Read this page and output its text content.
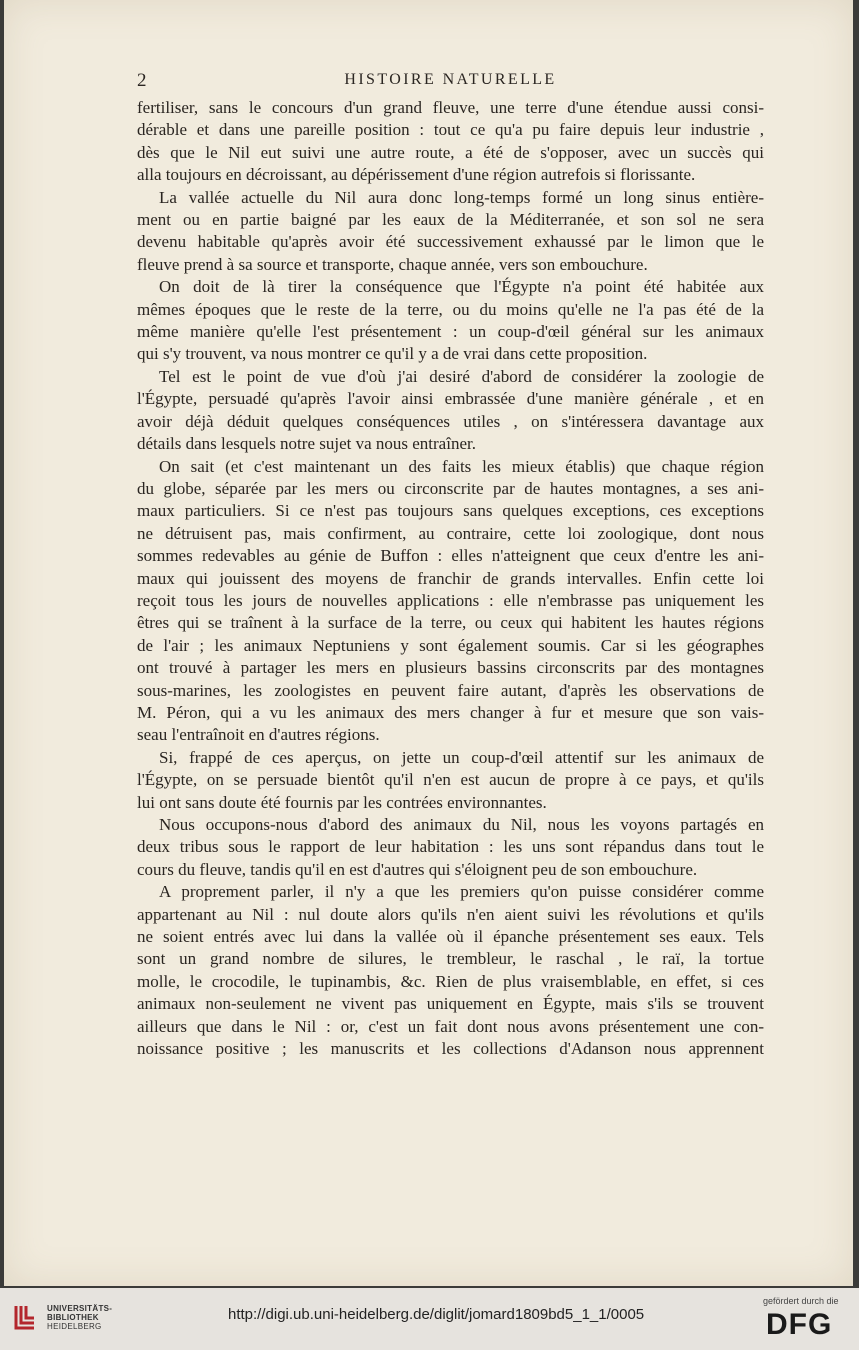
2	HISTOIRE NATURELLE
fertiliser, sans le concours d'un grand fleuve, une terre d'une étendue aussi consi-
dérable et dans une pareille position : tout ce qu'a pu faire depuis leur industrie ,
dès que le Nil eut suivi une autre route, a été de s'opposer, avec un succès qui
alla toujours en décroissant, au dépérissement d'une région autrefois si florissante.
La vallée actuelle du Nil aura donc long-temps formé un long sinus entière-
ment ou en partie baigné par les eaux de la Méditerranée, et son sol ne sera
devenu habitable qu'après avoir été successivement exhaussé par le limon que le
fleuve prend à sa source et transporte, chaque année, vers son embouchure.
On doit de là tirer la conséquence que l'Égypte n'a point été habitée aux
mêmes époques que le reste de la terre, ou du moins qu'elle ne l'a pas été de la
même manière qu'elle l'est présentement : un coup-d'œil général sur les animaux
qui s'y trouvent, va nous montrer ce qu'il y a de vrai dans cette proposition.
Tel est le point de vue d'où j'ai desiré d'abord de considérer la zoologie de
l'Égypte, persuadé qu'après l'avoir ainsi embrassée d'une manière générale , et en
avoir déjà déduit quelques conséquences utiles , on s'intéressera davantage aux
détails dans lesquels notre sujet va nous entraîner.
On sait (et c'est maintenant un des faits les mieux établis) que chaque région
du globe, séparée par les mers ou circonscrite par de hautes montagnes, a ses ani-
maux particuliers. Si ce n'est pas toujours sans quelques exceptions, ces exceptions
ne détruisent pas, mais confirment, au contraire, cette loi zoologique, dont nous
sommes redevables au génie de Buffon : elles n'atteignent que ceux d'entre les ani-
maux qui jouissent des moyens de franchir de grands intervalles. Enfin cette loi
reçoit tous les jours de nouvelles applications : elle n'embrasse pas uniquement les
êtres qui se traînent à la surface de la terre, ou ceux qui habitent les hautes régions
de l'air ; les animaux Neptuniens y sont également soumis. Car si les géographes
ont trouvé à partager les mers en plusieurs bassins circonscrits par des montagnes
sous-marines, les zoologistes en peuvent faire autant, d'après les observations de
M. Péron, qui a vu les animaux des mers changer à fur et mesure que son vais-
seau l'entraînoit en d'autres régions.
Si, frappé de ces aperçus, on jette un coup-d'œil attentif sur les animaux de
l'Égypte, on se persuade bientôt qu'il n'en est aucun de propre à ce pays, et qu'ils
lui ont sans doute été fournis par les contrées environnantes.
Nous occupons-nous d'abord des animaux du Nil, nous les voyons partagés en
deux tribus sous le rapport de leur habitation : les uns sont répandus dans tout le
cours du fleuve, tandis qu'il en est d'autres qui s'éloignent peu de son embouchure.
A proprement parler, il n'y a que les premiers qu'on puisse considérer comme
appartenant au Nil : nul doute alors qu'ils n'en aient suivi les révolutions et qu'ils
ne soient entrés avec lui dans la vallée où il épanche présentement ses eaux. Tels
sont un grand nombre de silures, le trembleur, le raschal , le raï, la tortue
molle, le crocodile, le tupinambis, &c. Rien de plus vraisemblable, en effet, si ces
animaux non-seulement ne vivent pas uniquement en Égypte, mais s'ils se trouvent
ailleurs que dans le Nil : or, c'est un fait dont nous avons présentement une con-
noissance positive ; les manuscrits et les collections d'Adanson nous apprennent
UNIVERSITÄTS-
BIBLIOTHEK
HEIDELBERG
http://digi.ub.uni-heidelberg.de/diglit/jomard1809bd5_1_1/0005
gefördert durch die
DFG
